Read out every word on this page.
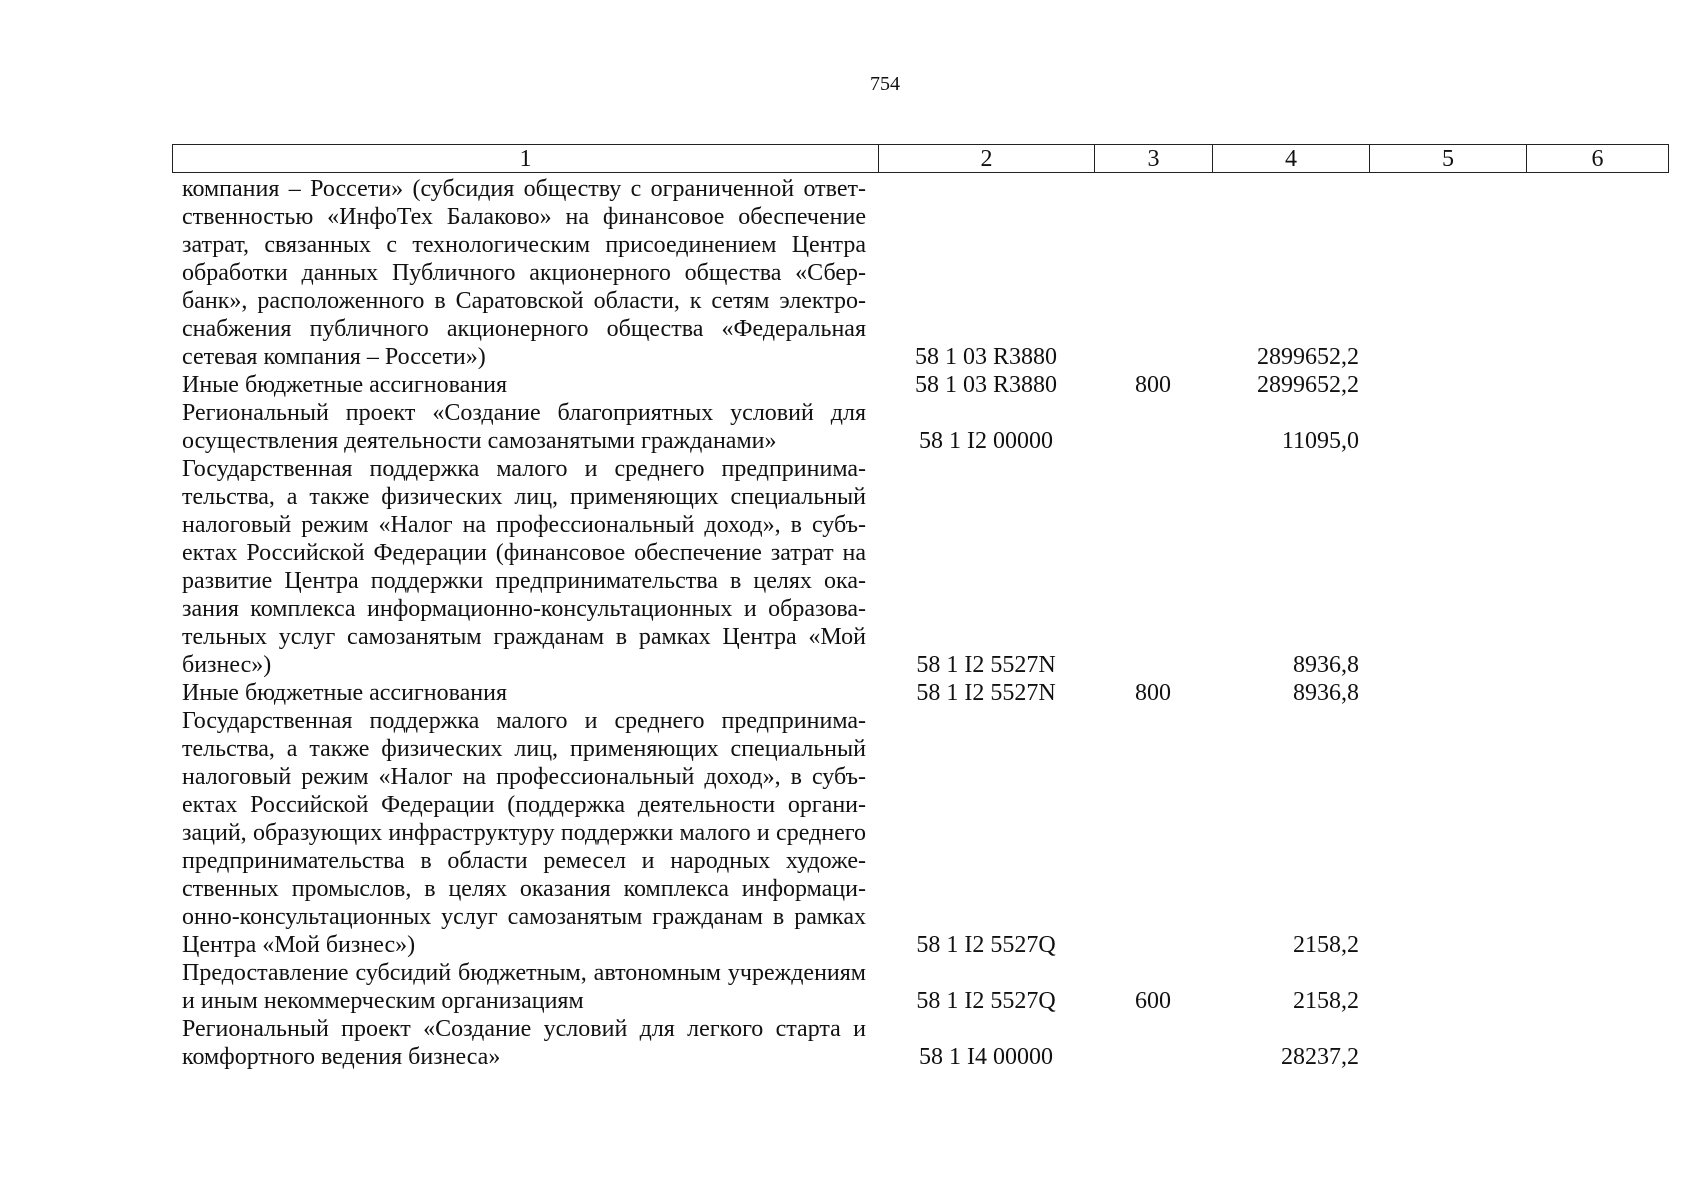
754
1	2	3	4	5	6
компания – Россети» (субсидия обществу с ограниченной ответственностью «ИнфоТех Балаково» на финансовое обеспечение затрат, связанных с технологическим присоединением Центра обработки данных Публичного акционерного общества «Сбербанк», расположенного в Саратовской области, к сетям электроснабжения публичного акционерного общества «Федеральная сетевая компания – Россети»)	58 1 03 R3880		2899652,2		
Иные бюджетные ассигнования	58 1 03 R3880	800	2899652,2		
Региональный проект «Создание благоприятных условий для осуществления деятельности самозанятыми гражданами»	58 1 I2 00000		11095,0		
Государственная поддержка малого и среднего предпринимательства, а также физических лиц, применяющих специальный налоговый режим «Налог на профессиональный доход», в субъектах Российской Федерации (финансовое обеспечение затрат на развитие Центра поддержки предпринимательства в целях оказания комплекса информационно-консультационных и образовательных услуг самозанятым гражданам в рамках Центра «Мой бизнес»)	58 1 I2 5527N		8936,8		
Иные бюджетные ассигнования	58 1 I2 5527N	800	8936,8		
Государственная поддержка малого и среднего предпринимательства, а также физических лиц, применяющих специальный налоговый режим «Налог на профессиональный доход», в субъектах Российской Федерации (поддержка деятельности организаций, образующих инфраструктуру поддержки малого и среднего предпринимательства в области ремесел и народных художественных промыслов, в целях оказания комплекса информационно-консультационных услуг самозанятым гражданам в рамках Центра «Мой бизнес»)	58 1 I2 5527Q		2158,2		
Предоставление субсидий бюджетным, автономным учреждениям и иным некоммерческим организациям	58 1 I2 5527Q	600	2158,2		
Региональный проект «Создание условий для легкого старта и комфортного ведения бизнеса»	58 1 I4 00000		28237,2		
